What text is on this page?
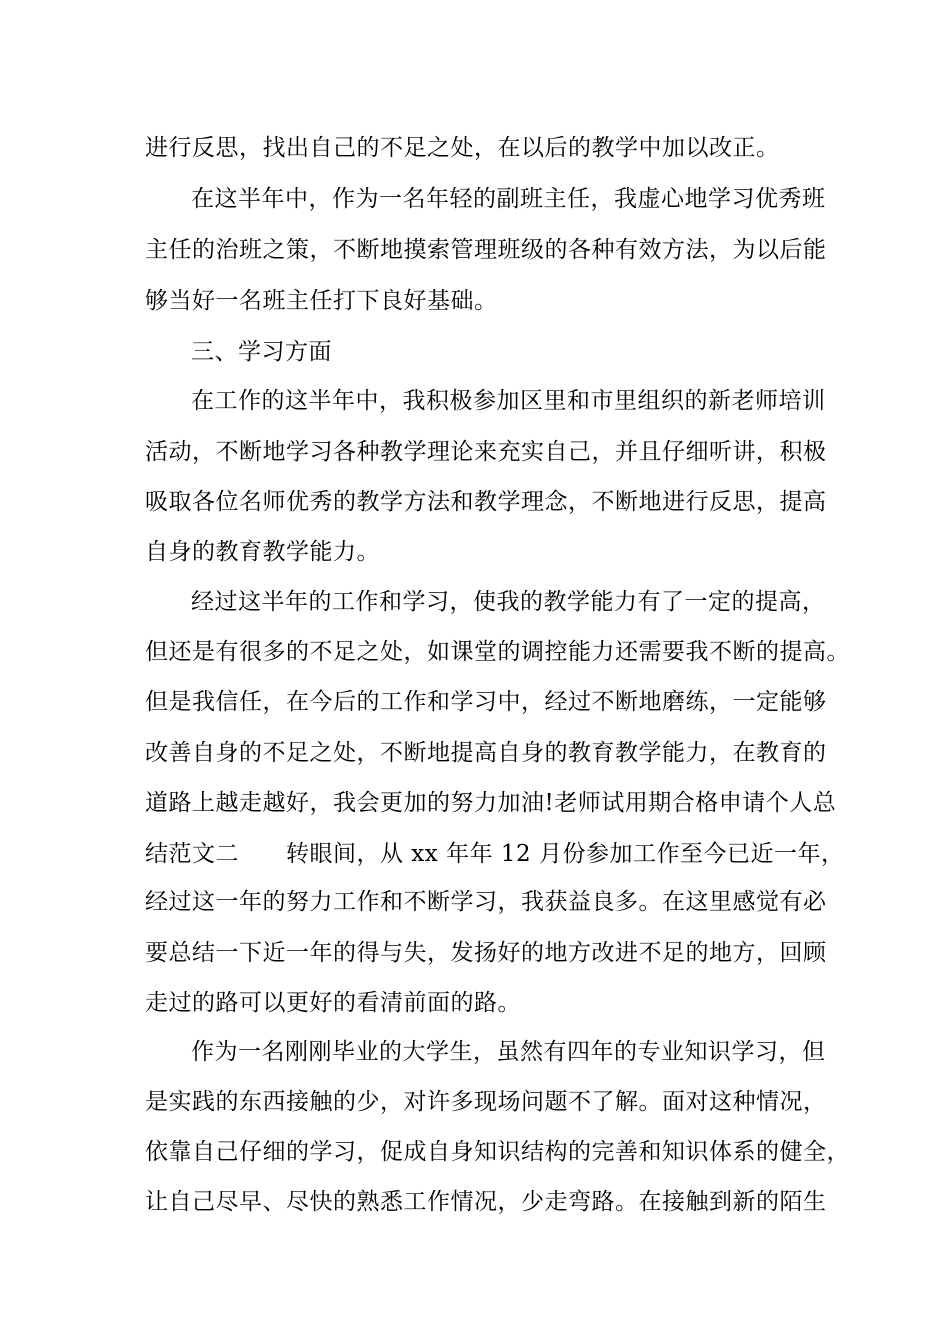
进行反思，找出自己的不足之处，在以后的教学中加以改正。
在这半年中，作为一名年轻的副班主任，我虚心地学习优秀班
主任的治班之策，不断地摸索管理班级的各种有效方法，为以后能
够当好一名班主任打下良好基础。
三、学习方面
在工作的这半年中，我积极参加区里和市里组织的新老师培训
活动，不断地学习各种教学理论来充实自己，并且仔细听讲，积极
吸取各位名师优秀的教学方法和教学理念，不断地进行反思，提高
自身的教育教学能力。
经过这半年的工作和学习，使我的教学能力有了一定的提高，
但还是有很多的不足之处，如课堂的调控能力还需要我不断的提高。
但是我信任，在今后的工作和学习中，经过不断地磨练，一定能够
改善自身的不足之处，不断地提高自身的教育教学能力，在教育的
道路上越走越好，我会更加的努力加油!老师试用期合格申请个人总
结范文二　　转眼间，从 xx 年年 12 月份参加工作至今已近一年，
经过这一年的努力工作和不断学习，我获益良多。在这里感觉有必
要总结一下近一年的得与失，发扬好的地方改进不足的地方，回顾
走过的路可以更好的看清前面的路。
作为一名刚刚毕业的大学生，虽然有四年的专业知识学习，但
是实践的东西接触的少，对许多现场问题不了解。面对这种情况，
依靠自己仔细的学习，促成自身知识结构的完善和知识体系的健全，
让自己尽早、尽快的熟悉工作情况，少走弯路。在接触到新的陌生
